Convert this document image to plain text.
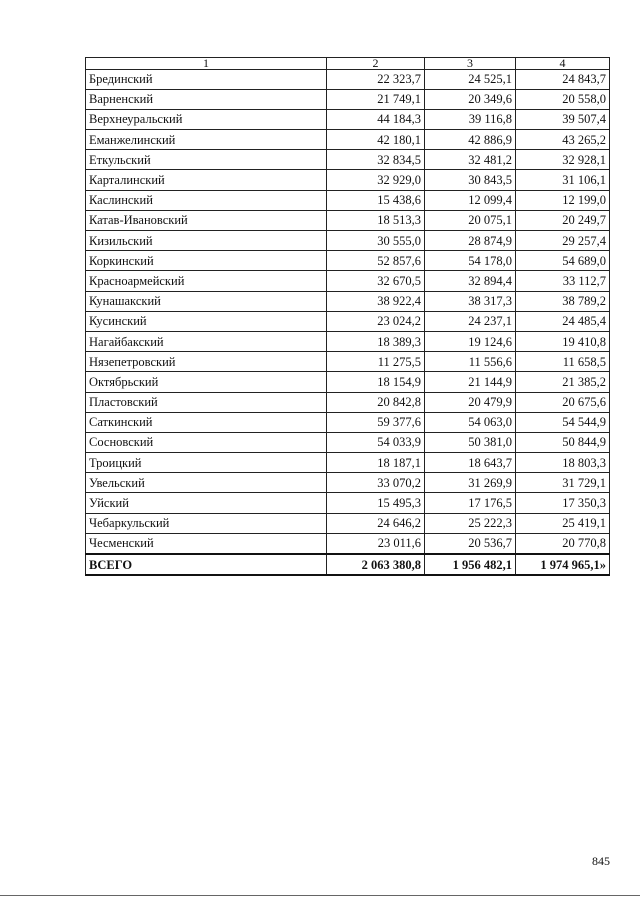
1	2	3	4
Брединский	22 323,7	24 525,1	24 843,7
Варненский	21 749,1	20 349,6	20 558,0
Верхнеуральский	44 184,3	39 116,8	39 507,4
Еманжелинский	42 180,1	42 886,9	43 265,2
Еткульский	32 834,5	32 481,2	32 928,1
Карталинский	32 929,0	30 843,5	31 106,1
Каслинский	15 438,6	12 099,4	12 199,0
Катав-Ивановский	18 513,3	20 075,1	20 249,7
Кизильский	30 555,0	28 874,9	29 257,4
Коркинский	52 857,6	54 178,0	54 689,0
Красноармейский	32 670,5	32 894,4	33 112,7
Кунашакский	38 922,4	38 317,3	38 789,2
Кусинский	23 024,2	24 237,1	24 485,4
Нагайбакский	18 389,3	19 124,6	19 410,8
Нязепетровский	11 275,5	11 556,6	11 658,5
Октябрьский	18 154,9	21 144,9	21 385,2
Пластовский	20 842,8	20 479,9	20 675,6
Саткинский	59 377,6	54 063,0	54 544,9
Сосновский	54 033,9	50 381,0	50 844,9
Троицкий	18 187,1	18 643,7	18 803,3
Увельский	33 070,2	31 269,9	31 729,1
Уйский	15 495,3	17 176,5	17 350,3
Чебаркульский	24 646,2	25 222,3	25 419,1
Чесменский	23 011,6	20 536,7	20 770,8
ВСЕГО	2 063 380,8	1 956 482,1	1 974 965,1»
845
